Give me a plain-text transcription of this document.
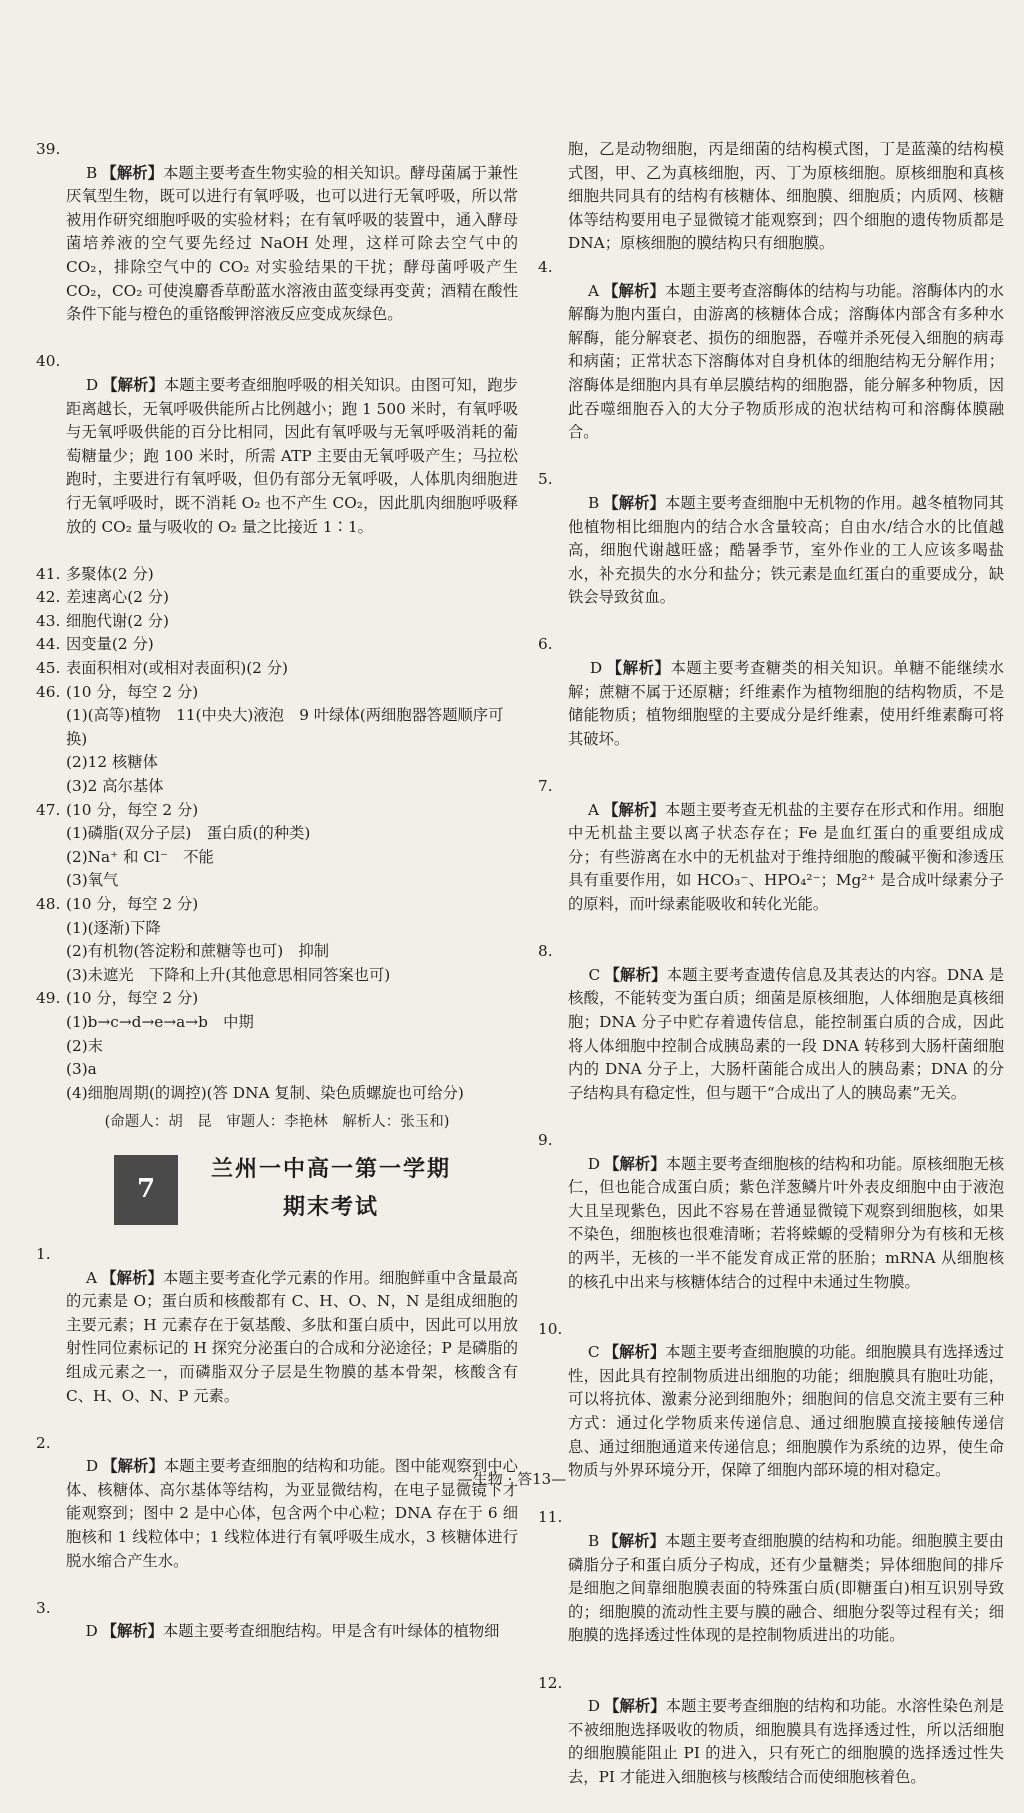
39.
B 【解析】本题主要考查生物实验的相关知识。酵母菌属于兼性厌氧型生物，既可以进行有氧呼吸，也可以进行无氧呼吸，所以常被用作研究细胞呼吸的实验材料；在有氧呼吸的装置中，通入酵母菌培养液的空气要先经过 NaOH 处理，这样可除去空气中的 CO₂，排除空气中的 CO₂ 对实验结果的干扰；酵母菌呼吸产生 CO₂，CO₂ 可使溴麝香草酚蓝水溶液由蓝变绿再变黄；酒精在酸性条件下能与橙色的重铬酸钾溶液反应变成灰绿色。

40.
D 【解析】本题主要考查细胞呼吸的相关知识。由图可知，跑步距离越长，无氧呼吸供能所占比例越小；跑 1 500 米时，有氧呼吸与无氧呼吸供能的百分比相同，因此有氧呼吸与无氧呼吸消耗的葡萄糖量少；跑 100 米时，所需 ATP 主要由无氧呼吸产生；马拉松跑时，主要进行有氧呼吸，但仍有部分无氧呼吸，人体肌肉细胞进行无氧呼吸时，既不消耗 O₂ 也不产生 CO₂，因此肌肉细胞呼吸释放的 CO₂ 量与吸收的 O₂ 量之比接近 1∶1。

41. 多聚体(2 分)
42. 差速离心(2 分)
43. 细胞代谢(2 分)
44. 因变量(2 分)
45. 表面积相对(或相对表面积)(2 分)
46. (10 分，每空 2 分)
(1)(高等)植物　11(中央大)液泡　9 叶绿体(两细胞器答题顺序可换)
(2)12 核糖体
(3)2 高尔基体
47. (10 分，每空 2 分)
(1)磷脂(双分子层)　蛋白质(的种类)
(2)Na⁺ 和 Cl⁻　不能
(3)氧气
48. (10 分，每空 2 分)
(1)(逐渐)下降
(2)有机物(答淀粉和蔗糖等也可)　抑制
(3)未遮光　下降和上升(其他意思相同答案也可)
49. (10 分，每空 2 分)
(1)b→c→d→e→a→b　中期
(2)末
(3)a
(4)细胞周期(的调控)(答 DNA 复制、染色质螺旋也可给分)
(命题人：胡　昆　审题人：李艳林　解析人：张玉和)
7
兰州一中高一第一学期
期末考试

1.
A 【解析】本题主要考查化学元素的作用。细胞鲜重中含量最高的元素是 O；蛋白质和核酸都有 C、H、O、N，N 是组成细胞的主要元素；H 元素存在于氨基酸、多肽和蛋白质中，因此可以用放射性同位素标记的 H 探究分泌蛋白的合成和分泌途径；P 是磷脂的组成元素之一，而磷脂双分子层是生物膜的基本骨架，核酸含有 C、H、O、N、P 元素。

2.
D 【解析】本题主要考查细胞的结构和功能。图中能观察到中心体、核糖体、高尔基体等结构，为亚显微结构，在电子显微镜下才能观察到；图中 2 是中心体，包含两个中心粒；DNA 存在于 6 细胞核和 1 线粒体中；1 线粒体进行有氧呼吸生成水，3 核糖体进行脱水缩合产生水。

3.
D 【解析】本题主要考查细胞结构。甲是含有叶绿体的植物细

胞，乙是动物细胞，丙是细菌的结构模式图，丁是蓝藻的结构模式图，甲、乙为真核细胞，丙、丁为原核细胞。原核细胞和真核细胞共同具有的结构有核糖体、细胞膜、细胞质；内质网、核糖体等结构要用电子显微镜才能观察到；四个细胞的遗传物质都是 DNA；原核细胞的膜结构只有细胞膜。

4.
A 【解析】本题主要考查溶酶体的结构与功能。溶酶体内的水解酶为胞内蛋白，由游离的核糖体合成；溶酶体内部含有多种水解酶，能分解衰老、损伤的细胞器，吞噬并杀死侵入细胞的病毒和病菌；正常状态下溶酶体对自身机体的细胞结构无分解作用；溶酶体是细胞内具有单层膜结构的细胞器，能分解多种物质，因此吞噬细胞吞入的大分子物质形成的泡状结构可和溶酶体膜融合。

5.
B 【解析】本题主要考查细胞中无机物的作用。越冬植物同其他植物相比细胞内的结合水含量较高；自由水/结合水的比值越高，细胞代谢越旺盛；酷暑季节，室外作业的工人应该多喝盐水，补充损失的水分和盐分；铁元素是血红蛋白的重要成分，缺铁会导致贫血。

6.
D 【解析】本题主要考查糖类的相关知识。单糖不能继续水解；蔗糖不属于还原糖；纤维素作为植物细胞的结构物质，不是储能物质；植物细胞壁的主要成分是纤维素，使用纤维素酶可将其破坏。

7.
A 【解析】本题主要考查无机盐的主要存在形式和作用。细胞中无机盐主要以离子状态存在；Fe 是血红蛋白的重要组成成分；有些游离在水中的无机盐对于维持细胞的酸碱平衡和渗透压具有重要作用，如 HCO₃⁻、HPO₄²⁻；Mg²⁺ 是合成叶绿素分子的原料，而叶绿素能吸收和转化光能。

8.
C 【解析】本题主要考查遗传信息及其表达的内容。DNA 是核酸，不能转变为蛋白质；细菌是原核细胞，人体细胞是真核细胞；DNA 分子中贮存着遗传信息，能控制蛋白质的合成，因此将人体细胞中控制合成胰岛素的一段 DNA 转移到大肠杆菌细胞内的 DNA 分子上，大肠杆菌能合成出人的胰岛素；DNA 的分子结构具有稳定性，但与题干“合成出了人的胰岛素”无关。

9.
D 【解析】本题主要考查细胞核的结构和功能。原核细胞无核仁，但也能合成蛋白质；紫色洋葱鳞片叶外表皮细胞中由于液泡大且呈现紫色，因此不容易在普通显微镜下观察到细胞核，如果不染色，细胞核也很难清晰；若将蝾螈的受精卵分为有核和无核的两半，无核的一半不能发育成正常的胚胎；mRNA 从细胞核的核孔中出来与核糖体结合的过程中未通过生物膜。

10.
C 【解析】本题主要考查细胞膜的功能。细胞膜具有选择透过性，因此具有控制物质进出细胞的功能；细胞膜具有胞吐功能，可以将抗体、激素分泌到细胞外；细胞间的信息交流主要有三种方式：通过化学物质来传递信息、通过细胞膜直接接触传递信息、通过细胞通道来传递信息；细胞膜作为系统的边界，使生命物质与外界环境分开，保障了细胞内部环境的相对稳定。

11.
B 【解析】本题主要考查细胞膜的结构和功能。细胞膜主要由磷脂分子和蛋白质分子构成，还有少量糖类；异体细胞间的排斥是细胞之间靠细胞膜表面的特殊蛋白质(即糖蛋白)相互识别导致的；细胞膜的流动性主要与膜的融合、细胞分裂等过程有关；细胞膜的选择透过性体现的是控制物质进出的功能。

12.
D 【解析】本题主要考查细胞的结构和功能。水溶性染色剂是不被细胞选择吸收的物质，细胞膜具有选择透过性，所以活细胞的细胞膜能阻止 PI 的进入，只有死亡的细胞膜的选择透过性失去，PI 才能进入细胞核与核酸结合而使细胞核着色。

—生物 · 答13—
